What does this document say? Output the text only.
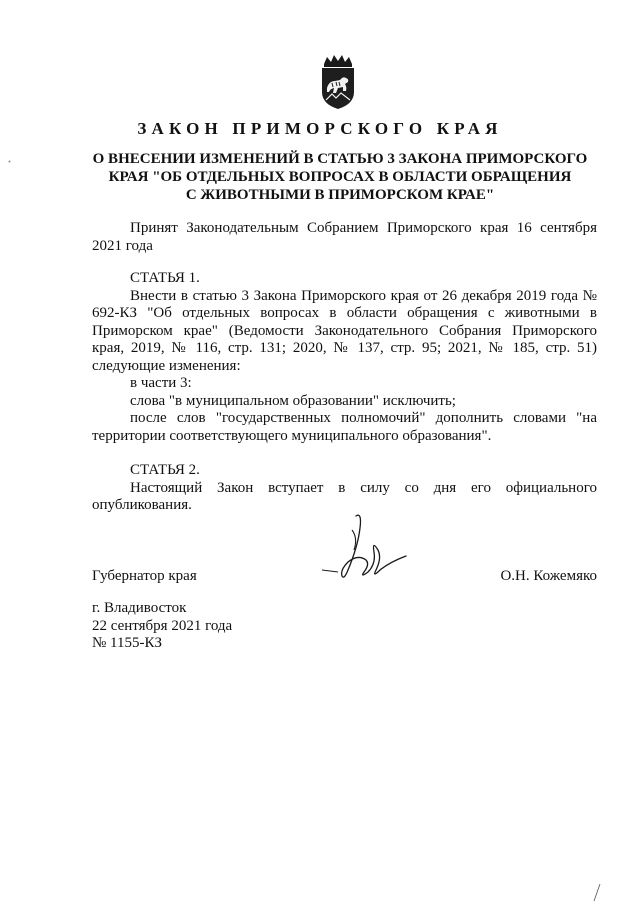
ЗАКОН ПРИМОРСКОГО КРАЯ
О ВНЕСЕНИИ ИЗМЕНЕНИЙ В СТАТЬЮ 3 ЗАКОНА ПРИМОРСКОГО
КРАЯ "ОБ ОТДЕЛЬНЫХ ВОПРОСАХ В ОБЛАСТИ ОБРАЩЕНИЯ
С ЖИВОТНЫМИ В ПРИМОРСКОМ КРАЕ"
Принят Законодательным Собранием Приморского края 16 сентября 2021 года
СТАТЬЯ 1.
Внести в статью 3 Закона Приморского края от 26 декабря 2019 года № 692-КЗ "Об отдельных вопросах в области обращения с животными в Приморском крае" (Ведомости Законодательного Собрания Приморского края, 2019, № 116, стр. 131; 2020, № 137, стр. 95; 2021, № 185, стр. 51) следующие изменения:
в части 3:
слова "в муниципальном образовании" исключить;
после слов "государственных полномочий" дополнить словами "на территории соответствующего муниципального образования".
СТАТЬЯ 2.
Настоящий Закон вступает в силу со дня его официального опубликования.
Губернатор края	О.Н. Кожемяко
г. Владивосток
22 сентября 2021 года
№ 1155-КЗ
